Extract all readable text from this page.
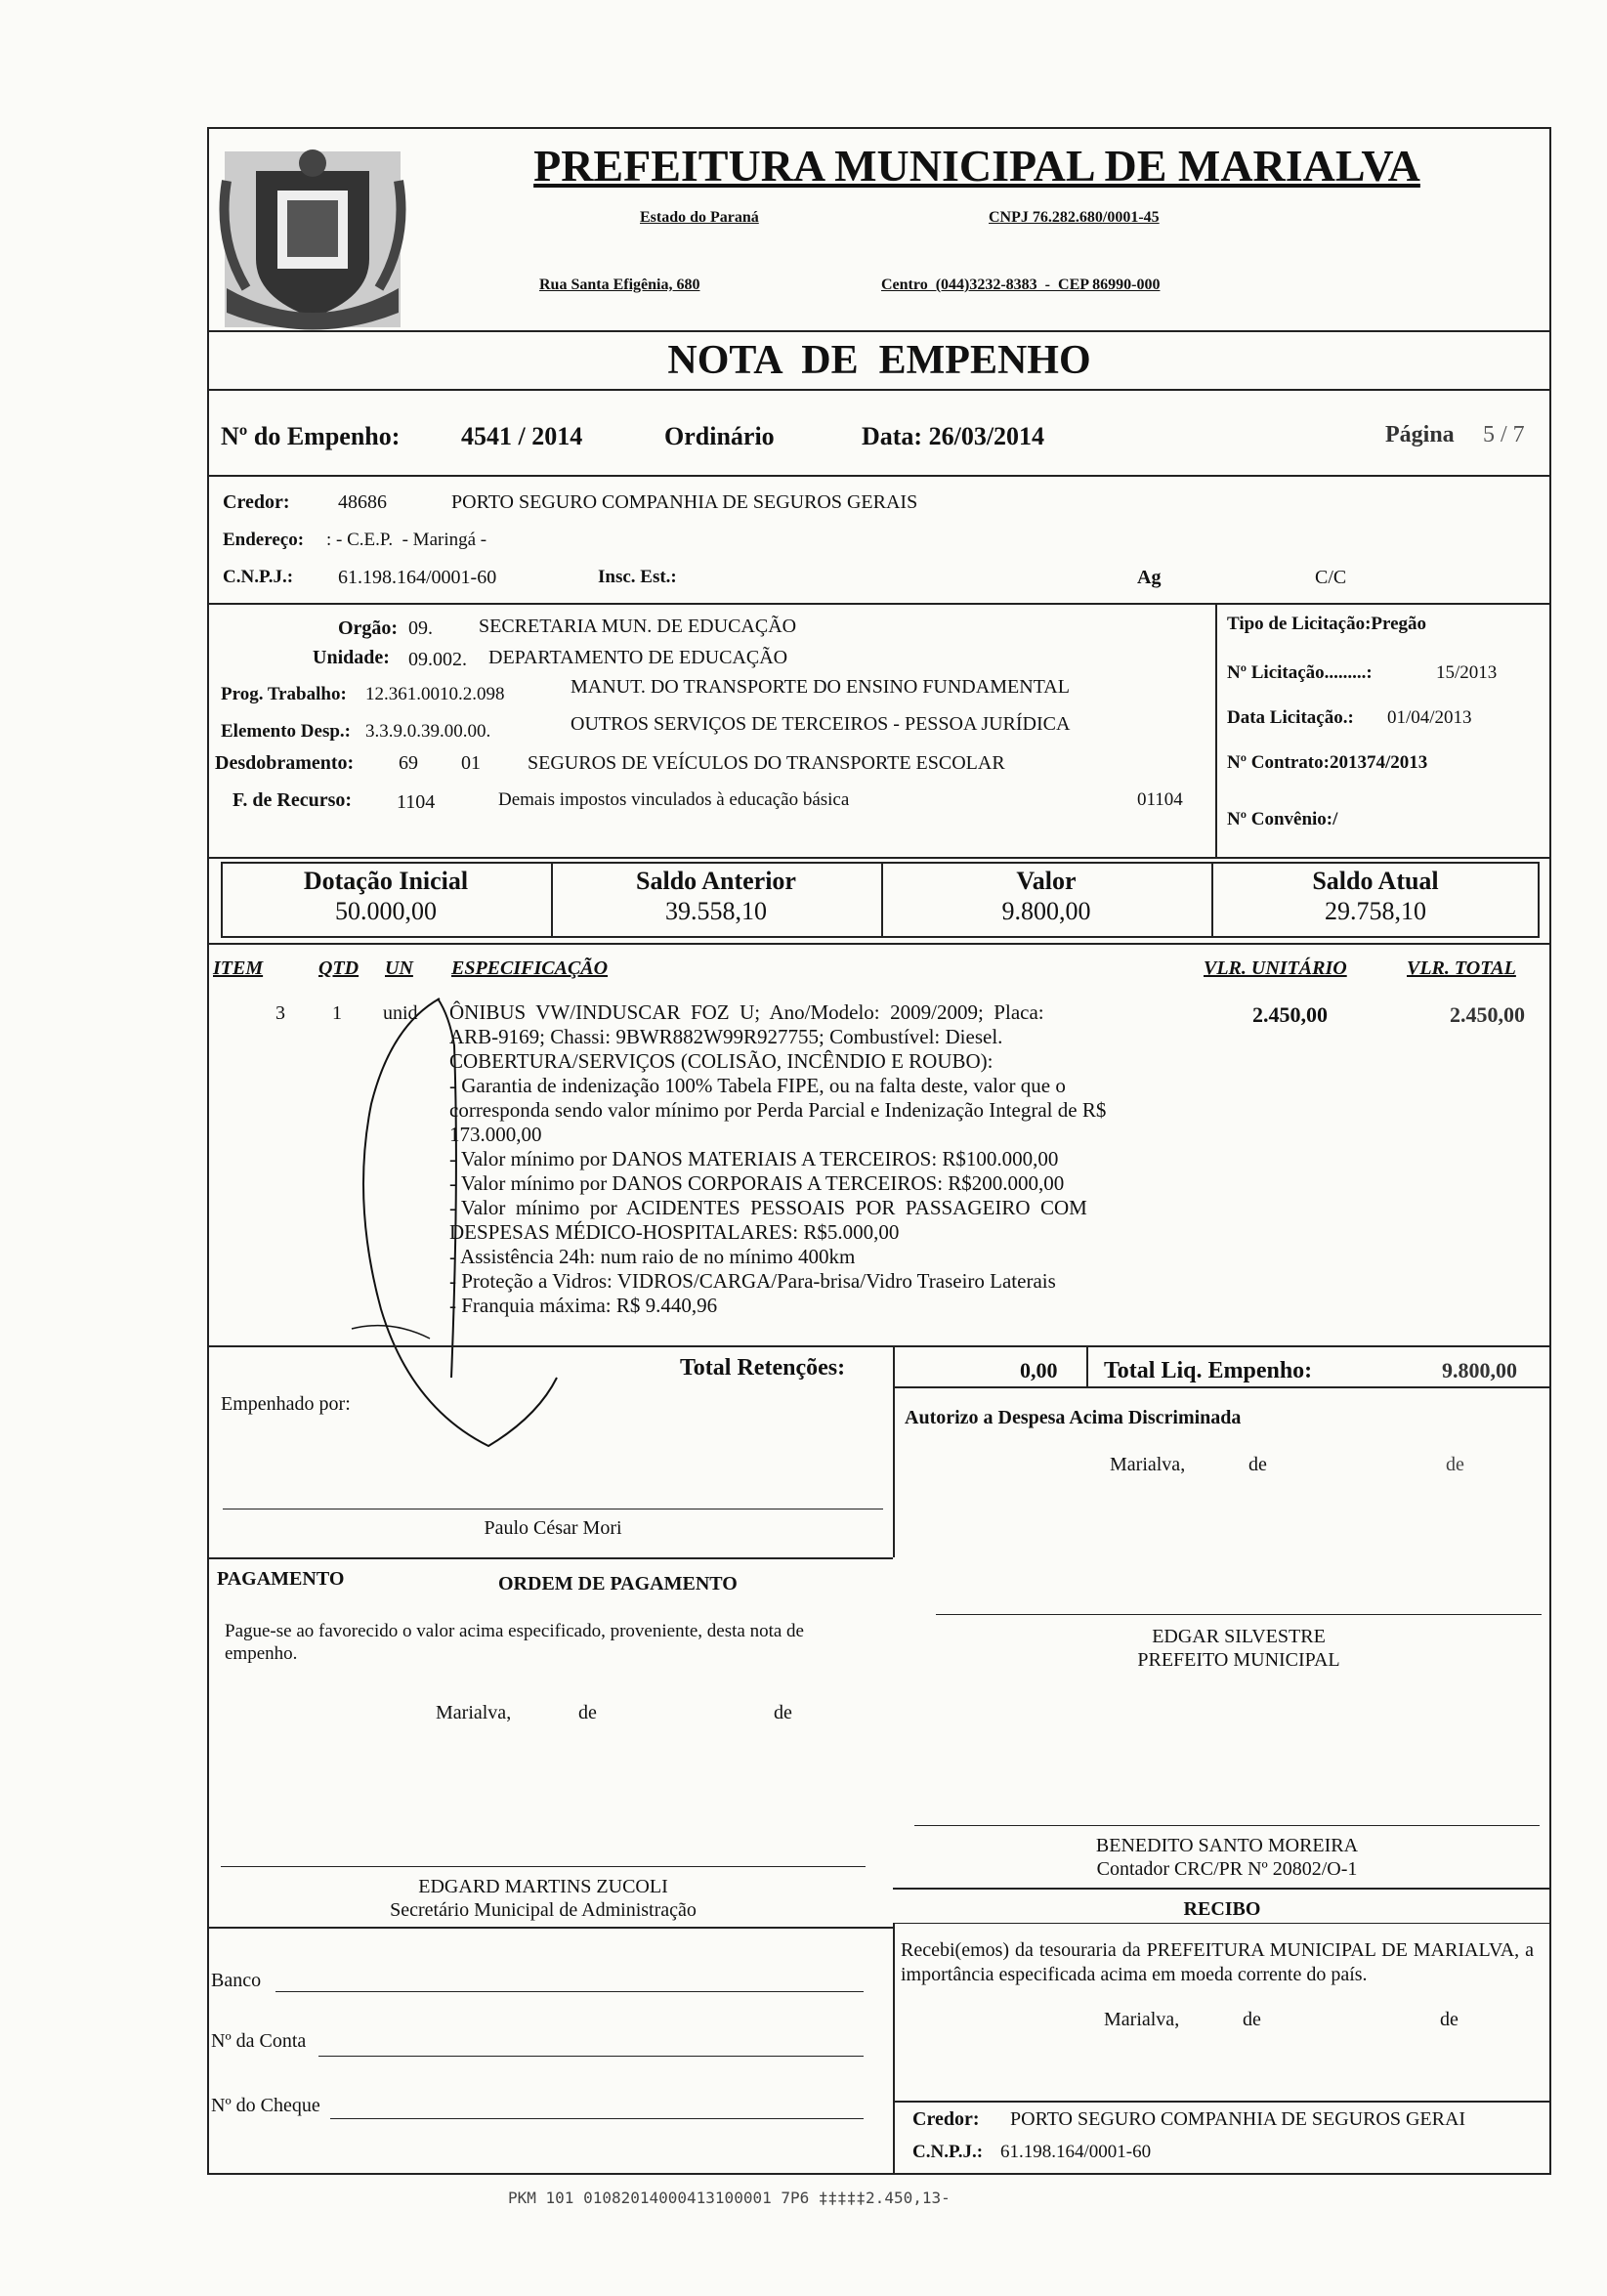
PREFEITURA MUNICIPAL DE MARIALVA
Estado do Paraná	CNPJ 76.282.680/0001-45
Rua Santa Efigênia, 680	Centro  (044)3232-8383  -  CEP 86990-000
NOTA  DE  EMPENHO
Nº do Empenho: 4541 / 2014	Ordinário	Data: 26/03/2014	Página 5 / 7
Credor: 48686	PORTO SEGURO COMPANHIA DE SEGUROS GERAIS
Endereço: : - C.E.P.  - Maringá -
C.N.P.J.: 61.198.164/0001-60	Insc. Est.:	Ag	C/C
Orgão: 09. SECRETARIA MUN. DE EDUCAÇÃO
Unidade: 09.002. DEPARTAMENTO DE EDUCAÇÃO
Prog. Trabalho: 12.361.0010.2.098	MANUT. DO TRANSPORTE DO ENSINO FUNDAMENTAL
Elemento Desp.: 3.3.9.0.39.00.00.	OUTROS SERVIÇOS DE TERCEIROS - PESSOA JURÍDICA
Desdobramento: 69 01 SEGUROS DE VEÍCULOS DO TRANSPORTE ESCOLAR
F. de Recurso: 1104	Demais impostos vinculados à educação básica	01104
Tipo de Licitação:Pregão
Nº Licitação.........:	15/2013
Data Licitação.: 01/04/2013
Nº Contrato:201374/2013
Nº Convênio:/
Dotação Inicial
50.000,00
Saldo Anterior
39.558,10
Valor
9.800,00
Saldo Atual
29.758,10
ITEM	QTD UN ESPECIFICAÇÃO	VLR. UNITÁRIO	VLR. TOTAL
3 1 unid	2.450,00	2.450,00
ÔNIBUS  VW/INDUSCAR  FOZ  U;  Ano/Modelo:  2009/2009;  Placa:
ARB-9169; Chassi: 9BWR882W99R927755; Combustível: Diesel.
COBERTURA/SERVIÇOS (COLISÃO, INCÊNDIO E ROUBO):
- Garantia de indenização 100% Tabela FIPE, ou na falta deste, valor que o
corresponda sendo valor mínimo por Perda Parcial e Indenização Integral de R$
173.000,00
- Valor mínimo por DANOS MATERIAIS A TERCEIROS: R$100.000,00
- Valor mínimo por DANOS CORPORAIS A TERCEIROS: R$200.000,00
- Valor  mínimo  por  ACIDENTES  PESSOAIS  POR  PASSAGEIRO  COM
DESPESAS MÉDICO-HOSPITALARES: R$5.000,00
- Assistência 24h: num raio de no mínimo 400km
- Proteção a Vidros: VIDROS/CARGA/Para-brisa/Vidro Traseiro Laterais
- Franquia máxima: R$ 9.440,96
Total Retenções:	0,00 Total Liq. Empenho:	9.800,00
Empenhado por:
Autorizo a Despesa Acima Discriminada
Marialva,	de	de
Paulo César Mori
PAGAMENTO	ORDEM DE PAGAMENTO
Pague-se ao favorecido o valor acima especificado, proveniente, desta nota de empenho.
Marialva,	de	de
EDGAR SILVESTRE
PREFEITO MUNICIPAL
BENEDITO SANTO MOREIRA
Contador CRC/PR Nº 20802/O-1
EDGARD MARTINS ZUCOLI
Secretário Municipal de Administração	RECIBO
Recebi(emos) da tesouraria da PREFEITURA MUNICIPAL DE MARIALVA, a importância especificada acima em moeda corrente do país.
Marialva,	de	de
Banco
Nº da Conta
Nº do Cheque
Credor: PORTO SEGURO COMPANHIA DE SEGUROS GERAI
C.N.P.J.: 61.198.164/0001-60
PKM 101 01082014000413100001 7P6 ‡‡‡‡‡2.450,13-
